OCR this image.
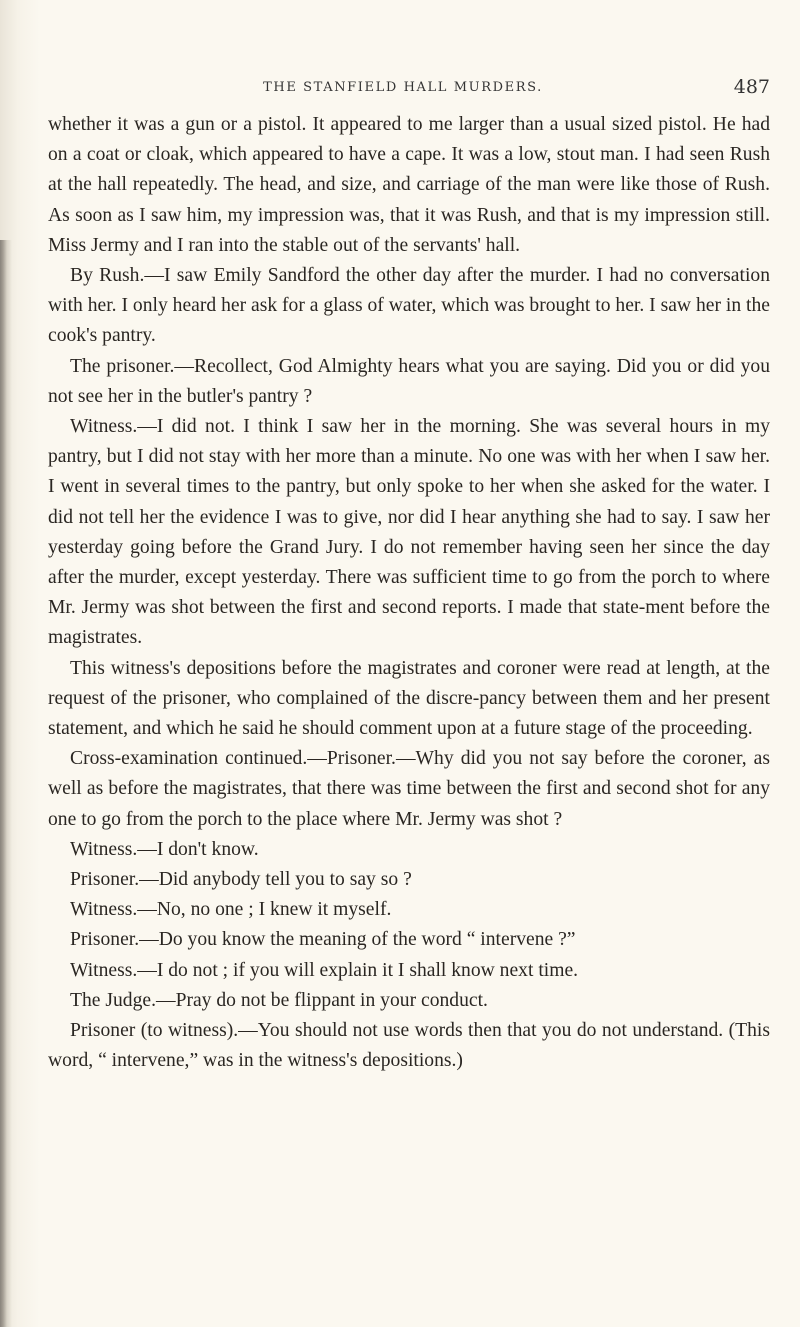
THE STANFIELD HALL MURDERS.	487

whether it was a gun or a pistol. It appeared to me larger than a usual sized pistol. He had on a coat or cloak, which appeared to have a cape. It was a low, stout man. I had seen Rush at the hall repeatedly. The head, and size, and carriage of the man were like those of Rush. As soon as I saw him, my impression was, that it was Rush, and that is my impression still. Miss Jermy and I ran into the stable out of the servants' hall.

By Rush.—I saw Emily Sandford the other day after the murder. I had no conversation with her. I only heard her ask for a glass of water, which was brought to her. I saw her in the cook's pantry.

The prisoner.—Recollect, God Almighty hears what you are saying. Did you or did you not see her in the butler's pantry ?

Witness.—I did not. I think I saw her in the morning. She was several hours in my pantry, but I did not stay with her more than a minute. No one was with her when I saw her. I went in several times to the pantry, but only spoke to her when she asked for the water. I did not tell her the evidence I was to give, nor did I hear anything she had to say. I saw her yesterday going before the Grand Jury. I do not remember having seen her since the day after the murder, except yesterday. There was sufficient time to go from the porch to where Mr. Jermy was shot between the first and second reports. I made that state-ment before the magistrates.

This witness's depositions before the magistrates and coroner were read at length, at the request of the prisoner, who complained of the discre-pancy between them and her present statement, and which he said he should comment upon at a future stage of the proceeding.

Cross-examination continued.—Prisoner.—Why did you not say before the coroner, as well as before the magistrates, that there was time between the first and second shot for any one to go from the porch to the place where Mr. Jermy was shot ?

Witness.—I don't know.

Prisoner.—Did anybody tell you to say so ?

Witness.—No, no one ; I knew it myself.

Prisoner.—Do you know the meaning of the word “ intervene ?”

Witness.—I do not ; if you will explain it I shall know next time.

The Judge.—Pray do not be flippant in your conduct.

Prisoner (to witness).—You should not use words then that you do not understand. (This word, “ intervene,” was in the witness's depositions.)
